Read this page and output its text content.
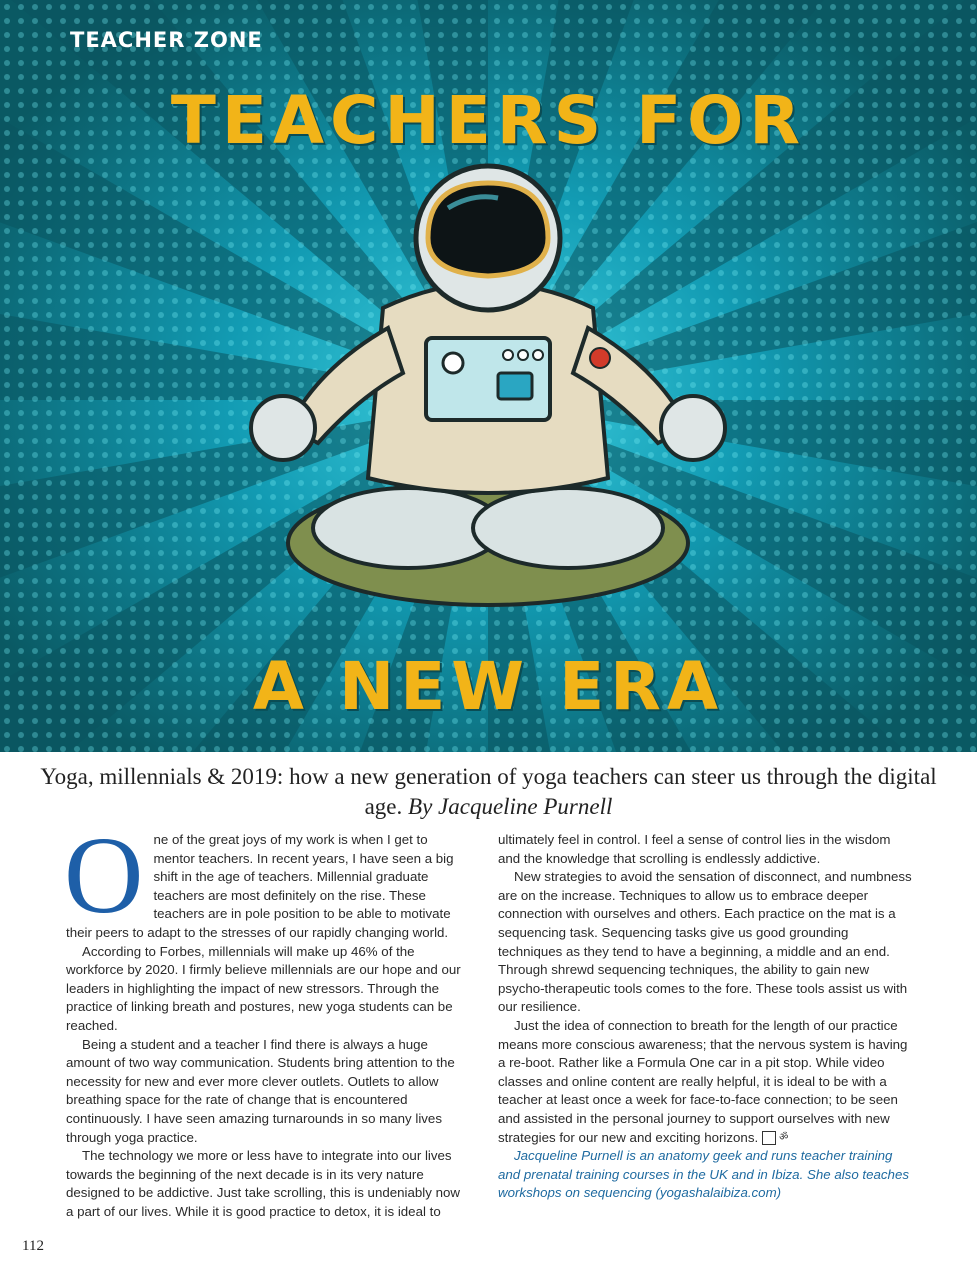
TEACHER ZONE
TEACHERS FOR
A NEW ERA
Yoga, millennials & 2019: how a new generation of yoga teachers can steer us through the digital age. By Jacqueline Purnell

One of the great joys of my work is when I get to mentor teachers. In recent years, I have seen a big shift in the age of teachers. Millennial graduate teachers are most definitely on the rise. These teachers are in pole position to be able to motivate their peers to adapt to the stresses of our rapidly changing world.

According to Forbes, millennials will make up 46% of the workforce by 2020. I firmly believe millennials are our hope and our leaders in highlighting the impact of new stressors. Through the practice of linking breath and postures, new yoga students can be reached.

Being a student and a teacher I find there is always a huge amount of two way communication. Students bring attention to the necessity for new and ever more clever outlets. Outlets to allow breathing space for the rate of change that is encountered continuously. I have seen amazing turnarounds in so many lives through yoga practice.

The technology we more or less have to integrate into our lives towards the beginning of the next decade is in its very nature designed to be addictive. Just take scrolling, this is undeniably now a part of our lives. While it is good practice to detox, it is ideal to

ultimately feel in control. I feel a sense of control lies in the wisdom and the knowledge that scrolling is endlessly addictive.

New strategies to avoid the sensation of disconnect, and numbness are on the increase. Techniques to allow us to embrace deeper connection with ourselves and others. Each practice on the mat is a sequencing task. Sequencing tasks give us good grounding techniques as they tend to have a beginning, a middle and an end. Through shrewd sequencing techniques, the ability to gain new psycho-therapeutic tools comes to the fore. These tools assist us with our resilience.

Just the idea of connection to breath for the length of our practice means more conscious awareness; that the nervous system is having a re-boot. Rather like a Formula One car in a pit stop. While video classes and online content are really helpful, it is ideal to be with a teacher at least once a week for face-to-face connection; to be seen and assisted in the personal journey to support ourselves with new strategies for our new and exciting horizons. ॐ

Jacqueline Purnell is an anatomy geek and runs teacher training and prenatal training courses in the UK and in Ibiza. She also teaches workshops on sequencing (yogashalaibiza.com)

112
